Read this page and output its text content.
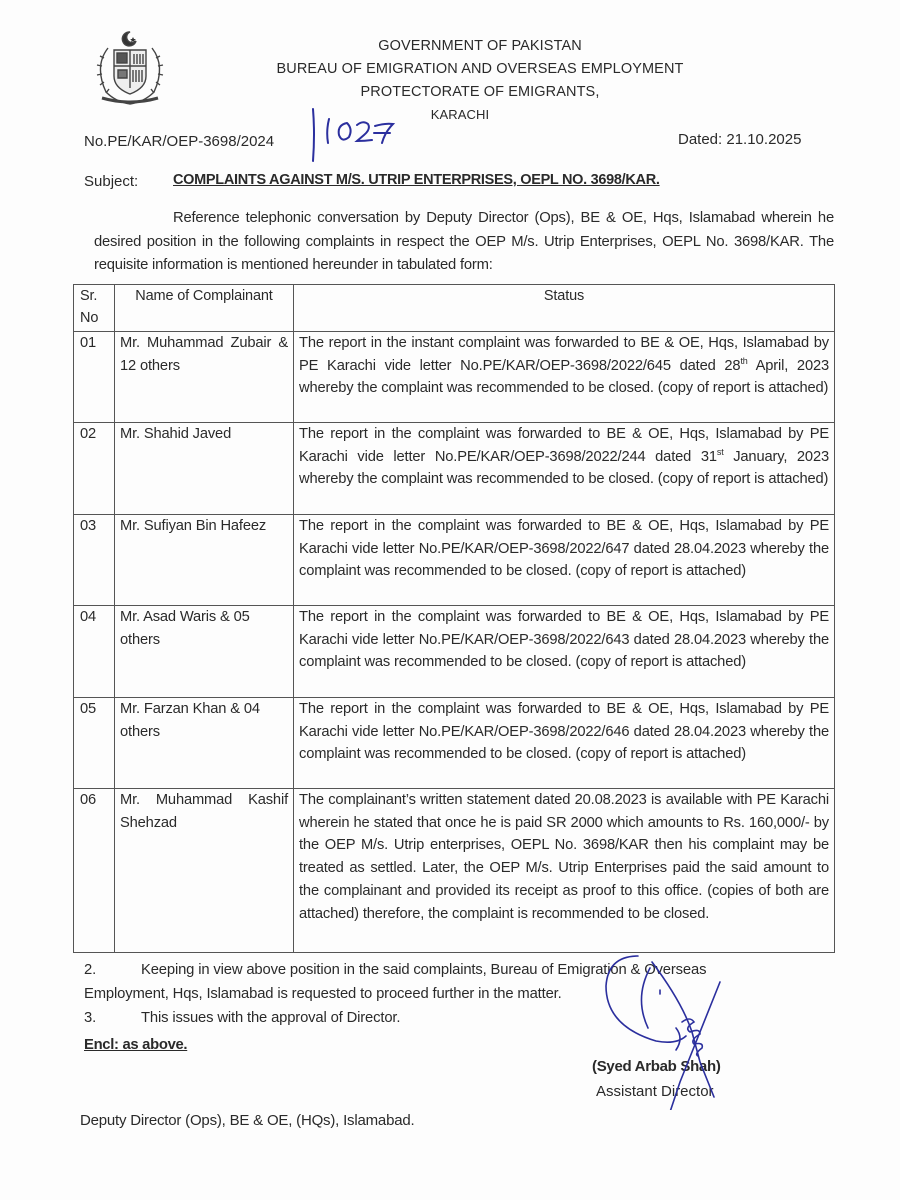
GOVERNMENT OF PAKISTAN
BUREAU OF EMIGRATION AND OVERSEAS EMPLOYMENT
PROTECTORATE OF EMIGRANTS,
KARACHI
No.PE/KAR/OEP-3698/2024
1027
Dated: 21.10.2025
Subject: COMPLAINTS AGAINST M/S. UTRIP ENTERPRISES, OEPL NO. 3698/KAR.
Reference telephonic conversation by Deputy Director (Ops), BE & OE, Hqs, Islamabad wherein he desired position in the following complaints in respect the OEP M/s. Utrip Enterprises, OEPL No. 3698/KAR. The requisite information is mentioned hereunder in tabulated form:
Sr. No	Name of Complainant	Status
01	Mr. Muhammad Zubair & 12 others	The report in the instant complaint was forwarded to BE & OE, Hqs, Islamabad by PE Karachi vide letter No.PE/KAR/OEP-3698/2022/645 dated 28th April, 2023 whereby the complaint was recommended to be closed. (copy of report is attached)
02	Mr. Shahid Javed	The report in the complaint was forwarded to BE & OE, Hqs, Islamabad by PE Karachi vide letter No.PE/KAR/OEP-3698/2022/244 dated 31st January, 2023 whereby the complaint was recommended to be closed. (copy of report is attached)
03	Mr. Sufiyan Bin Hafeez	The report in the complaint was forwarded to BE & OE, Hqs, Islamabad by PE Karachi vide letter No.PE/KAR/OEP-3698/2022/647 dated 28.04.2023 whereby the complaint was recommended to be closed. (copy of report is attached)
04	Mr. Asad Waris & 05 others	The report in the complaint was forwarded to BE & OE, Hqs, Islamabad by PE Karachi vide letter No.PE/KAR/OEP-3698/2022/643 dated 28.04.2023 whereby the complaint was recommended to be closed. (copy of report is attached)
05	Mr. Farzan Khan & 04 others	The report in the complaint was forwarded to BE & OE, Hqs, Islamabad by PE Karachi vide letter No.PE/KAR/OEP-3698/2022/646 dated 28.04.2023 whereby the complaint was recommended to be closed. (copy of report is attached)
06	Mr. Muhammad Kashif Shehzad	The complainant’s written statement dated 20.08.2023 is available with PE Karachi wherein he stated that once he is paid SR 2000 which amounts to Rs. 160,000/- by the OEP M/s. Utrip enterprises, OEPL No. 3698/KAR then his complaint may be treated as settled. Later, the OEP M/s. Utrip Enterprises paid the said amount to the complainant and provided its receipt as proof to this office. (copies of both are attached) therefore, the complaint is recommended to be closed.
2.	Keeping in view above position in the said complaints, Bureau of Emigration & Overseas
Employment, Hqs, Islamabad is requested to proceed further in the matter.
3.	This issues with the approval of Director.
Encl: as above.
(Syed Arbab Shah)
Assistant Director
Deputy Director (Ops), BE & OE, (HQs), Islamabad.
